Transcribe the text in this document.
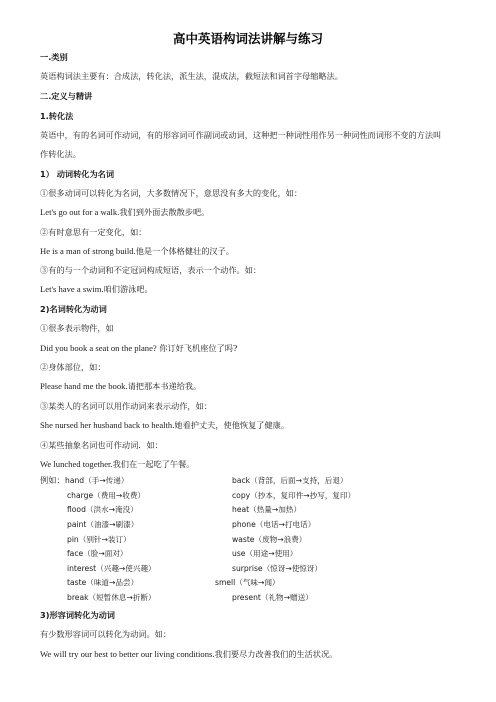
高中英语构词法讲解与练习
一.类别
英语构词法主要有：合成法，转化法，派生法，混成法，截短法和词首字母缩略法。
二.定义与精讲
1.转化法
英语中，有的名词可作动词，有的形容词可作副词或动词，这种把一种词性用作另一种词性而词形不变的方法叫
作转化法。
1） 动词转化为名词
①很多动词可以转化为名词，大多数情况下，意思没有多大的变化，如：
Let's go out for a walk.我们到外面去散散步吧。
②有时意思有一定变化，如：
He is a man of strong build.他是一个体格健壮的汉子。
③有的与一个动词和不定冠词构成短语，表示一个动作。如：
Let's have a swim.咱们游泳吧。
2)名词转化为动词
①很多表示物件，如
Did you book a seat on the plane? 你订好飞机座位了吗?
②身体部位，如：
Please hand me the book.请把那本书递给我。
③某类人的名词可以用作动词来表示动作，如：
She nursed her husband back to health.她看护丈夫，使他恢复了健康。
④某些抽象名词也可作动词．如：
We lunched together.我们在一起吃了午餐。
例如： hand（手→传递）
charge（费用→收费）
flood（洪水→淹没）
paint（油漆→刷漆）
pin（别针→装订）
face（脸→面对）
interest（兴趣→使兴趣）
taste（味道→品尝）
break（短暂休息→折断）
back（背部，后面→支持，后退）
copy（抄本，复印件→抄写，复印）
heat（热量→加热）
phone（电话→打电话）
waste（废物→浪费）
use（用途→使用）
surprise（惊讶→使惊讶）
smell（气味→闻）
present（礼物→赠送）
3)形容词转化为动词
有少数形容词可以转化为动词。如：
We will try our best to better our living conditions.我们要尽力改善我们的生活状况。
